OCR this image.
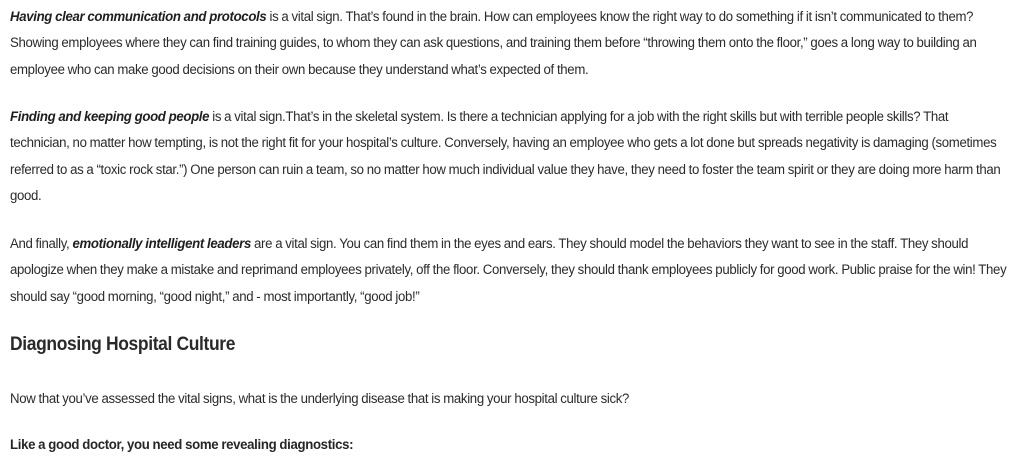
Having clear communication and protocols is a vital sign. That’s found in the brain. How can employees know the right way to do something if it isn’t communicated to them? Showing employees where they can find training guides, to whom they can ask questions, and training them before “throwing them onto the floor,” goes a long way to building an employee who can make good decisions on their own because they understand what’s expected of them.

Finding and keeping good people is a vital sign.That’s in the skeletal system. Is there a technician applying for a job with the right skills but with terrible people skills? That technician, no matter how tempting, is not the right fit for your hospital’s culture. Conversely, having an employee who gets a lot done but spreads negativity is damaging (sometimes referred to as a “toxic rock star.”) One person can ruin a team, so no matter how much individual value they have, they need to foster the team spirit or they are doing more harm than good.

And finally, emotionally intelligent leaders are a vital sign. You can find them in the eyes and ears. They should model the behaviors they want to see in the staff. They should apologize when they make a mistake and reprimand employees privately, off the floor. Conversely, they should thank employees publicly for good work. Public praise for the win! They should say “good morning, “good night,” and - most importantly, “good job!”

Diagnosing Hospital Culture

Now that you’ve assessed the vital signs, what is the underlying disease that is making your hospital culture sick?

Like a good doctor, you need some revealing diagnostics:
